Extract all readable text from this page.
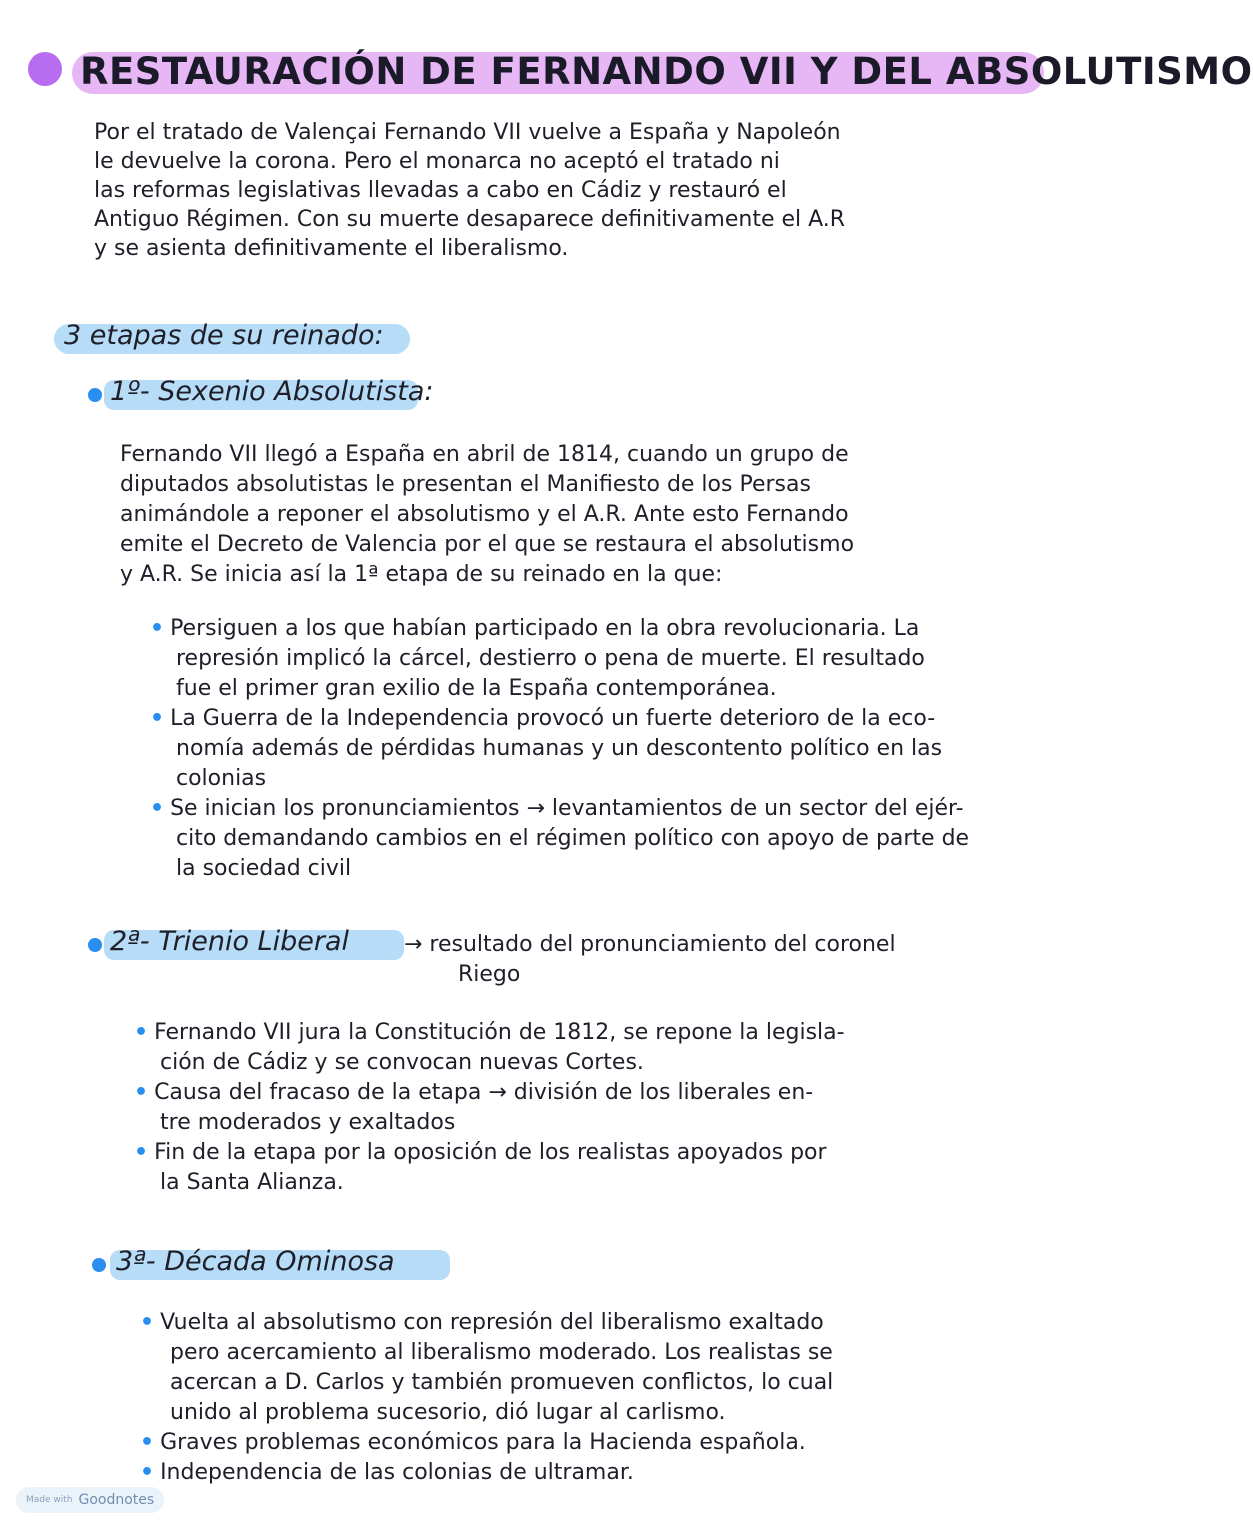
RESTAURACIÓN DE FERNANDO VII Y DEL ABSOLUTISMO
Por el tratado de Valençai Fernando VII vuelve a España y Napoleón
le devuelve la corona. Pero el monarca no aceptó el tratado ni
las reformas legislativas llevadas a cabo en Cádiz y restauró el
Antiguo Régimen. Con su muerte desaparece definitivamente el A.R
y se asienta definitivamente el liberalismo.
3 etapas de su reinado:
1º- Sexenio Absolutista:
Fernando VII llegó a España en abril de 1814, cuando un grupo de
diputados absolutistas le presentan el Manifiesto de los Persas
animándole a reponer el absolutismo y el A.R. Ante esto Fernando
emite el Decreto de Valencia por el que se restaura el absolutismo
y A.R. Se inicia así la 1ª etapa de su reinado en la que:
• Persiguen a los que habían participado en la obra revolucionaria. La
represión implicó la cárcel, destierro o pena de muerte. El resultado
fue el primer gran exilio de la España contemporánea.
• La Guerra de la Independencia provocó un fuerte deterioro de la eco-
nomía además de pérdidas humanas y un descontento político en las
colonias
• Se inician los pronunciamientos → levantamientos de un sector del ejér-
cito demandando cambios en el régimen político con apoyo de parte de
la sociedad civil
2ª- Trienio Liberal	→ resultado del pronunciamiento del coronel
Riego
• Fernando VII jura la Constitución de 1812, se repone la legisla-
ción de Cádiz y se convocan nuevas Cortes.
• Causa del fracaso de la etapa → división de los liberales en-
tre moderados y exaltados
• Fin de la etapa por la oposición de los realistas apoyados por
la Santa Alianza.
3ª- Década Ominosa
• Vuelta al absolutismo con represión del liberalismo exaltado
pero acercamiento al liberalismo moderado. Los realistas se
acercan a D. Carlos y también promueven conflictos, lo cual
unido al problema sucesorio, dió lugar al carlismo.
• Graves problemas económicos para la Hacienda española.
• Independencia de las colonias de ultramar.
Made with Goodnotes
